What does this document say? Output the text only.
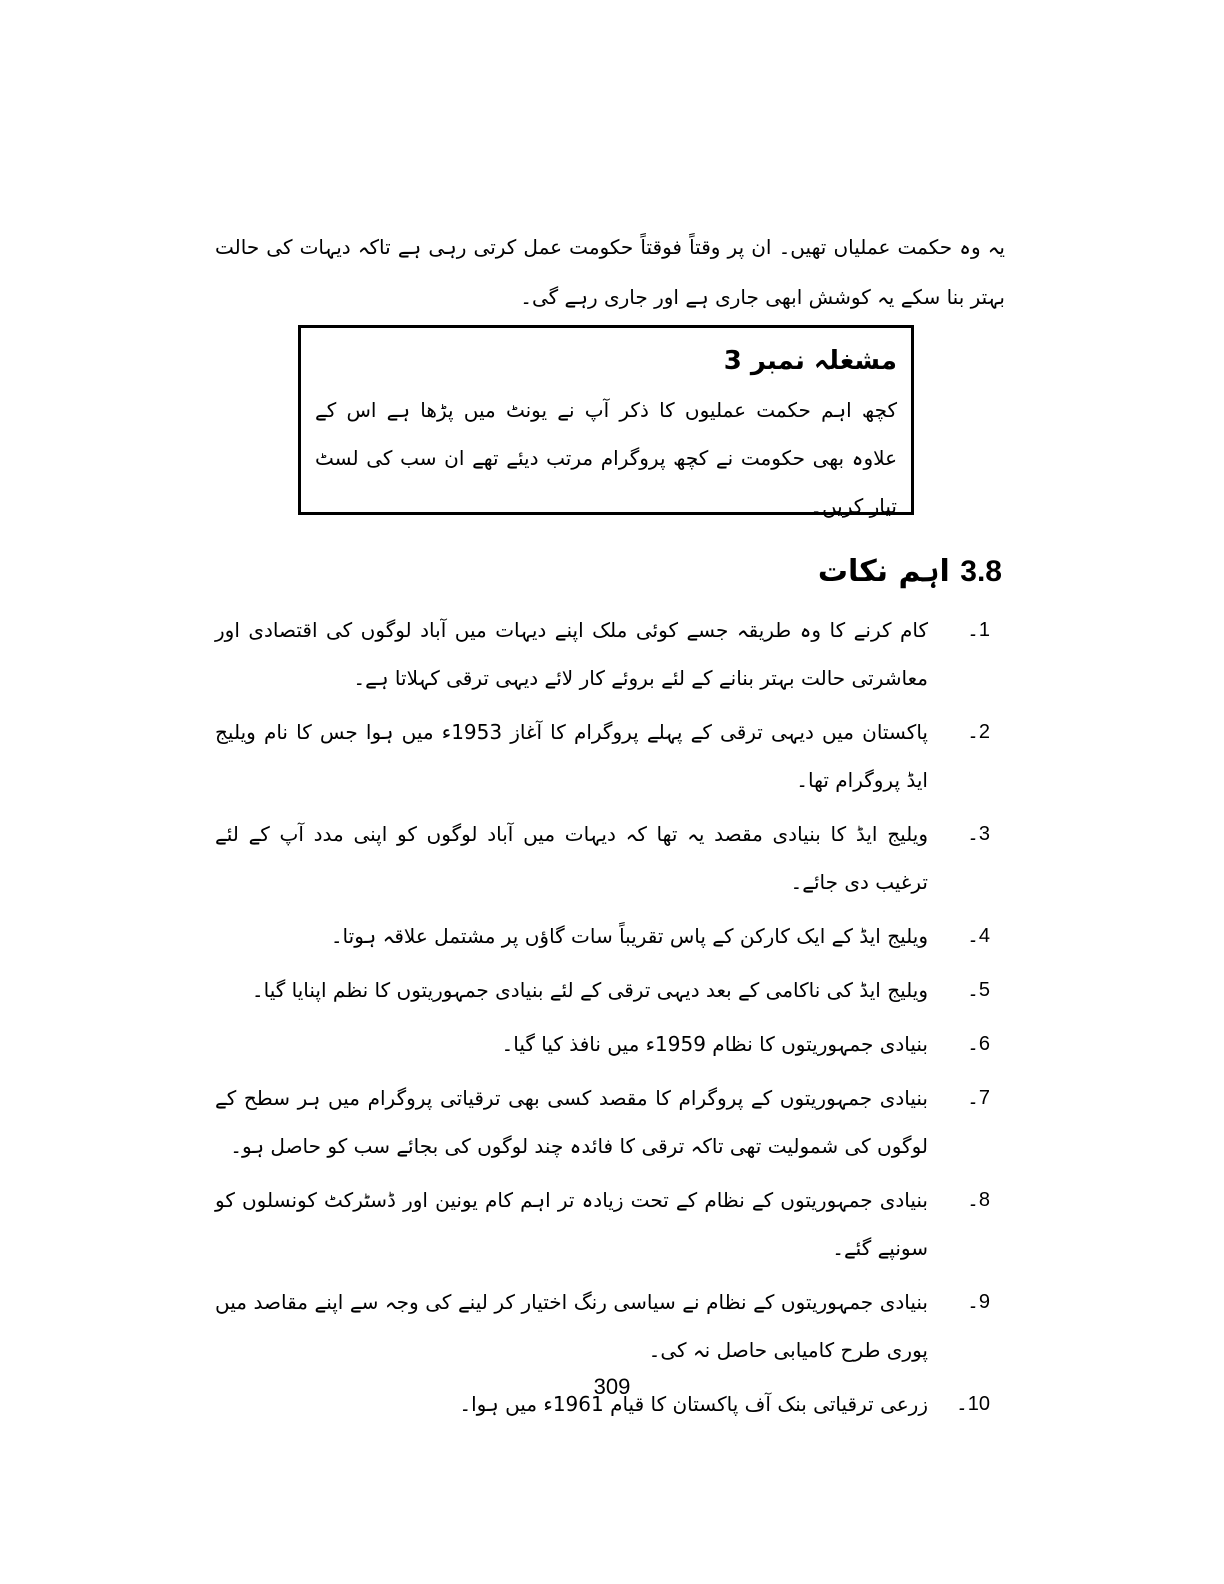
یہ وہ حکمت عملیاں تھیں۔ ان پر وقتاً فوقتاً حکومت عمل کرتی رہی ہے تاکہ دیہات کی حالت بہتر بنا سکے یہ کوشش ابھی جاری ہے اور جاری رہے گی۔

مشغلہ نمبر 3
کچھ اہم حکمت عملیوں کا ذکر آپ نے یونٹ میں پڑھا ہے اس کے علاوہ بھی حکومت نے کچھ پروگرام مرتب دیئے تھے ان سب کی لسٹ تیار کریں۔
3.8 اہم نکات
1۔
کام کرنے کا وہ طریقہ جسے کوئی ملک اپنے دیہات میں آباد لوگوں کی اقتصادی اور معاشرتی حالت بہتر بنانے کے لئے بروئے کار لائے دیہی ترقی کہلاتا ہے۔
2۔
پاکستان میں دیہی ترقی کے پہلے پروگرام کا آغاز 1953ء میں ہوا جس کا نام ویلیج ایڈ پروگرام تھا۔
3۔
ویلیج ایڈ کا بنیادی مقصد یہ تھا کہ دیہات میں آباد لوگوں کو اپنی مدد آپ کے لئے ترغیب دی جائے۔
4۔
ویلیج ایڈ کے ایک کارکن کے پاس تقریباً سات گاؤں پر مشتمل علاقہ ہوتا۔
5۔
ویلیج ایڈ کی ناکامی کے بعد دیہی ترقی کے لئے بنیادی جمہوریتوں کا نظم اپنایا گیا۔
6۔
بنیادی جمہوریتوں کا نظام 1959ء میں نافذ کیا گیا۔
7۔
بنیادی جمہوریتوں کے پروگرام کا مقصد کسی بھی ترقیاتی پروگرام میں ہر سطح کے لوگوں کی شمولیت تھی تاکہ ترقی کا فائدہ چند لوگوں کی بجائے سب کو حاصل ہو۔
8۔
بنیادی جمہوریتوں کے نظام کے تحت زیادہ تر اہم کام یونین اور ڈسٹرکٹ کونسلوں کو سونپے گئے۔
9۔
بنیادی جمہوریتوں کے نظام نے سیاسی رنگ اختیار کر لینے کی وجہ سے اپنے مقاصد میں پوری طرح کامیابی حاصل نہ کی۔
10۔
زرعی ترقیاتی بنک آف پاکستان کا قیام 1961ء میں ہوا۔
309
